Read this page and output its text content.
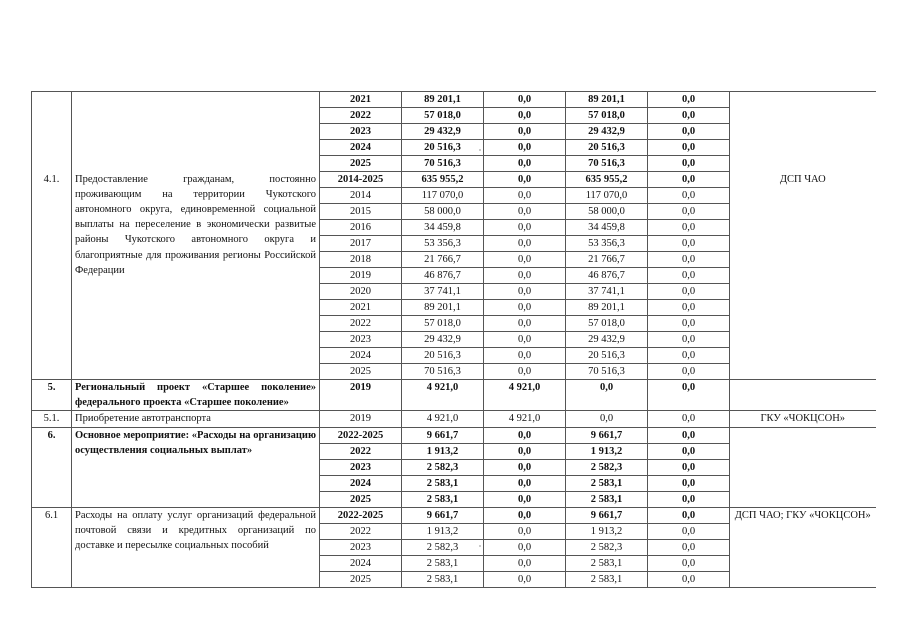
		2021	89 201,1	0,0	89 201,1	0,0	
		2022	57 018,0	0,0	57 018,0	0,0	
		2023	29 432,9	0,0	29 432,9	0,0	
		2024	20 516,3	0,0	20 516,3	0,0	
		2025	70 516,3	0,0	70 516,3	0,0	
4.1.	Предоставление гражданам, постоянно проживающим на территории Чукотского автономного округа, единовременной социальной выплаты на переселение в экономически развитые районы Чукотского автономного округа и благоприятные для проживания регионы Российской Федерации	2014-2025	635 955,2	0,0	635 955,2	0,0	ДСП ЧАО
		2014	117 070,0	0,0	117 070,0	0,0	
		2015	58 000,0	0,0	58 000,0	0,0	
		2016	34 459,8	0,0	34 459,8	0,0	
		2017	53 356,3	0,0	53 356,3	0,0	
		2018	21 766,7	0,0	21 766,7	0,0	
		2019	46 876,7	0,0	46 876,7	0,0	
		2020	37 741,1	0,0	37 741,1	0,0	
		2021	89 201,1	0,0	89 201,1	0,0	
		2022	57 018,0	0,0	57 018,0	0,0	
		2023	29 432,9	0,0	29 432,9	0,0	
		2024	20 516,3	0,0	20 516,3	0,0	
		2025	70 516,3	0,0	70 516,3	0,0	
5.	Региональный проект «Старшее поколение» федерального проекта «Старшее поколение»	2019	4 921,0	4 921,0	0,0	0,0	
5.1.	Приобретение автотранспорта	2019	4 921,0	4 921,0	0,0	0,0	ГКУ «ЧОКЦСОН»
6.	Основное мероприятие: «Расходы на организацию осуществления социальных выплат»	2022-2025	9 661,7	0,0	9 661,7	0,0	
		2022	1 913,2	0,0	1 913,2	0,0	
		2023	2 582,3	0,0	2 582,3	0,0	
		2024	2 583,1	0,0	2 583,1	0,0	
		2025	2 583,1	0,0	2 583,1	0,0	
6.1	Расходы на оплату услуг организаций федеральной почтовой связи и кредитных организаций по доставке и пересылке социальных пособий	2022-2025	9 661,7	0,0	9 661,7	0,0	ДСП ЧАО; ГКУ «ЧОКЦСОН»
		2022	1 913,2	0,0	1 913,2	0,0	
		2023	2 582,3	0,0	2 582,3	0,0	
		2024	2 583,1	0,0	2 583,1	0,0	
		2025	2 583,1	0,0	2 583,1	0,0	
